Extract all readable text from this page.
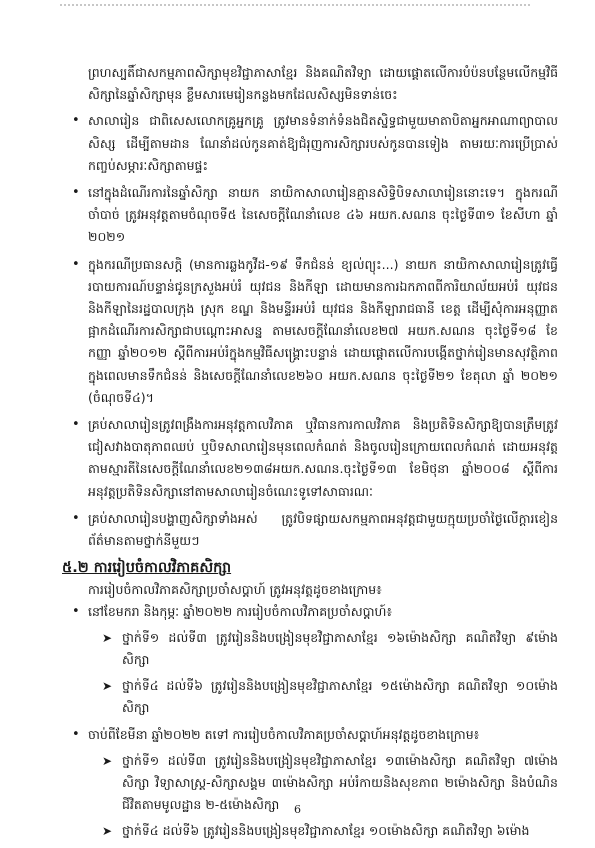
ព្រហស្បតិ៍ជាសកម្មភាពសិក្សាមុខវិជ្ជាភាសាខ្មែរ និងគណិតវិទ្យា ដោយផ្ដោតលើការបំប៉នបន្ថែមលើកម្មវិធីសិក្សានៃឆ្នាំសិក្សាមុន ខ្លឹមសារមេរៀនកន្លងមកដែលសិស្សមិនទាន់ចេះ

• សាលារៀន ជាពិសេសលោកគ្រូអ្នកគ្រូ ត្រូវមានទំនាក់ទំនងជិតស្និទ្ធជាមួយមាតាបិតាអ្នកអាណាព្យាបាលសិស្ស ដើម្បីតាមដាន ណែនាំដល់កូនគាត់ឱ្យជំរុញការសិក្សារបស់កូនបានទៀង តាមរយៈការប្រើប្រាស់កញ្ចប់សម្ភារៈសិក្សាតាមផ្ទះ

• នៅក្នុងដំណើរការនៃឆ្នាំសិក្សា នាយក នាយិកាសាលារៀនគ្មានសិទ្ធិបិទសាលារៀននោះទេ។ ក្នុងករណីចាំបាច់ ត្រូវអនុវត្តតាមចំណុចទី៥ នៃសេចក្ដីណែនាំលេខ ៤៦ អយក.សណន ចុះថ្ងៃទី៣១ ខែសីហា ឆ្នាំ ២០២១

• ក្នុងករណីប្រធានសក្ដិ (មានការឆ្លងកូវីដ-១៩ ទឹកជំនន់ ខ្យល់ព្យុះ...) នាយក នាយិកាសាលារៀនត្រូវធ្វើរបាយការណ៍បន្ទាន់ជូនក្រសួងអប់រំ យុវជន និងកីឡា ដោយមានការឯកភាពពីការិយាល័យអប់រំ យុវជន និងកីឡានៃរដ្ឋបាលក្រុង ស្រុក ខណ្ឌ និងមន្ទីរអប់រំ យុវជន និងកីឡារាជធានី ខេត្ត ដើម្បីសុំការអនុញ្ញាតផ្អាកដំណើរការសិក្សាជាបណ្ដោះអាសន្ន តាមសេចក្ដីណែនាំលេខ២៧ អយក.សណន ចុះថ្ងៃទី១៨ ខែកញ្ញា ឆ្នាំ២០១២ ស្ដីពីការអប់រំក្នុងកម្មវិធីសង្គ្រោះបន្ទាន់ ដោយផ្ដោតលើការបង្កើតថ្នាក់រៀនមានសុវត្ថិភាពក្នុងពេលមានទឹកជំនន់ និងសេចក្ដីណែនាំលេខ២៦០ អយក.សណន ចុះថ្ងៃទី២១ ខែតុលា ឆ្នាំ ២០២១ (ចំណុចទី៤)។

• គ្រប់សាលារៀនត្រូវពង្រឹងការអនុវត្តកាលវិភាគ ឬវិធានការកាលវិភាគ និងប្រតិទិនសិក្សាឱ្យបានត្រឹមត្រូវ ជៀសវាងបាតុភាពឈប់ ឬបិទសាលារៀនមុនពេលកំណត់ និងចូលរៀនក្រោយពេលកំណត់ ដោយអនុវត្តតាមស្មារតីនៃសេចក្ដីណែនាំលេខ២១៣៨អយក.សណន.ចុះថ្ងៃទី១៣ ខែមិថុនា ឆ្នាំ២០០៨ ស្ដីពីការអនុវត្តប្រតិទិនសិក្សានៅតាមសាលារៀនចំណេះទូទៅសាធារណៈ

• គ្រប់សាលារៀនបង្ហាញសិក្សាទាំងអស់ ត្រូវបិទផ្សាយសកម្មភាពអនុវត្តជាមួយក្មុយប្រចាំថ្ងៃលើក្ដារខៀនព័ត៌មានតាមថ្នាក់នីមួយៗ

៥.២ ការរៀបចំកាលវិភាគសិក្សា

ការរៀបចំកាលវិភាគសិក្សាប្រចាំសប្ដាហ៍ ត្រូវអនុវត្តដូចខាងក្រោម៖

• នៅខែមករា និងកុម្ភៈ ឆ្នាំ២០២២ ការរៀបចំកាលវិភាគប្រចាំសប្ដាហ៍៖

➤ ថ្នាក់ទី១ ដល់ទី៣ ត្រូវរៀននិងបង្រៀនមុខវិជ្ជាភាសាខ្មែរ ១៦ម៉ោងសិក្សា គណិតវិទ្យា ៩ម៉ោងសិក្សា

➤ ថ្នាក់ទី៤ ដល់ទី៦ ត្រូវរៀននិងបង្រៀនមុខវិជ្ជាភាសាខ្មែរ ១៥ម៉ោងសិក្សា គណិតវិទ្យា ១០ម៉ោងសិក្សា

• ចាប់ពីខែមីនា ឆ្នាំ២០២២ តទៅ ការរៀបចំកាលវិភាគប្រចាំសប្ដាហ៍អនុវត្តដូចខាងក្រោម៖

➤ ថ្នាក់ទី១ ដល់ទី៣ ត្រូវរៀននិងបង្រៀនមុខវិជ្ជាភាសាខ្មែរ ១៣ម៉ោងសិក្សា គណិតវិទ្យា ៧ម៉ោងសិក្សា វិទ្យាសាស្ត្រ-សិក្សាសង្គម ៣ម៉ោងសិក្សា អប់រំកាយនិងសុខភាព ២ម៉ោងសិក្សា និងបំណិនជីវិតតាមមូលដ្ឋាន ២-៥ម៉ោងសិក្សា

➤ ថ្នាក់ទី៤ ដល់ទី៦ ត្រូវរៀននិងបង្រៀនមុខវិជ្ជាភាសាខ្មែរ ១០ម៉ោងសិក្សា គណិតវិទ្យា ៦ម៉ោង

6
